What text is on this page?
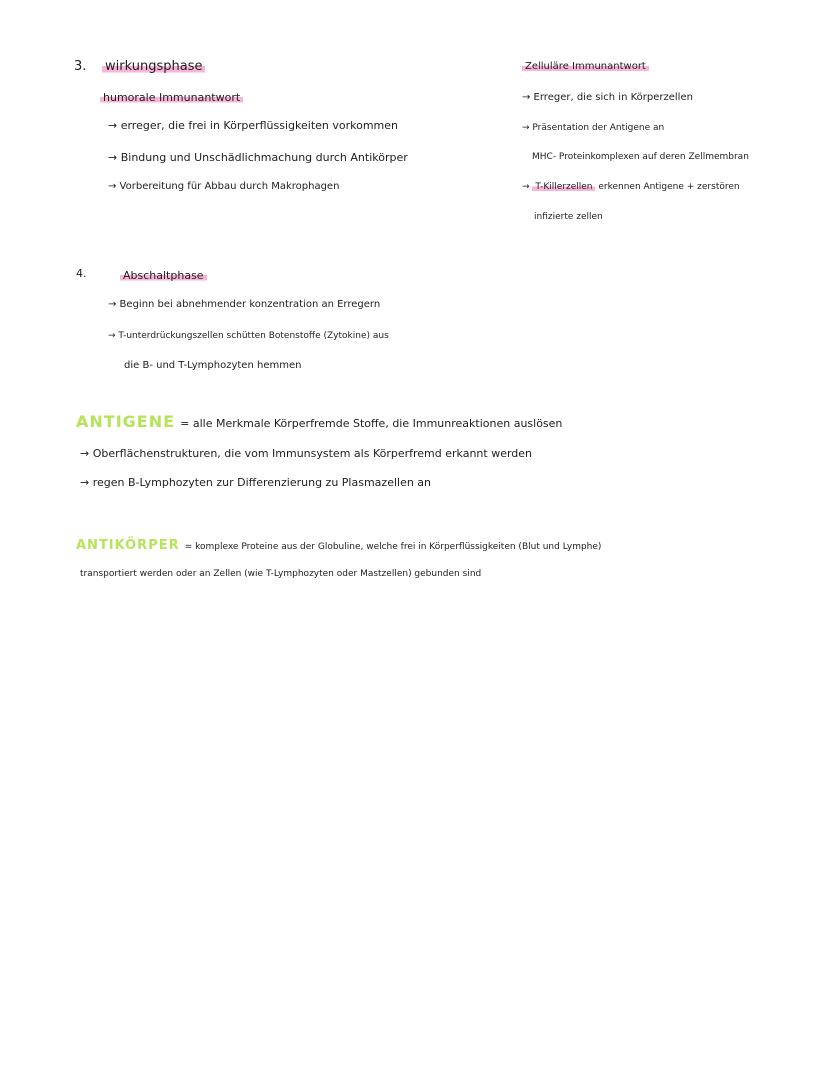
3. wirkungsphase
humorale Immunantwort
→ erreger, die frei in Körperflüssigkeiten vorkommen
→ Bindung und Unschädlichmachung durch Antikörper
→ Vorbereitung für Abbau durch Makrophagen
Zelluläre Immunantwort
→ Erreger, die sich in Körperzellen
→ Präsentation der Antigene an
MHC- Proteinkomplexen auf deren Zellmembran
→ T-Killerzellen erkennen Antigene + zerstören
infizierte zellen
4.	Abschaltphase
→ Beginn bei abnehmender konzentration an Erregern
→ T-unterdrückungszellen schütten Botenstoffe (Zytokine) aus
die B- und T-Lymphozyten hemmen
ANTIGENE = alle Merkmale Körperfremde Stoffe, die Immunreaktionen auslösen
→ Oberflächenstrukturen, die vom Immunsystem als Körperfremd erkannt werden
→ regen B-Lymphozyten zur Differenzierung zu Plasmazellen an
ANTIKÖRPER = komplexe Proteine aus der Globuline, welche frei in Körperflüssigkeiten (Blut und Lymphe)
transportiert werden oder an Zellen (wie T-Lymphozyten oder Mastzellen) gebunden sind
